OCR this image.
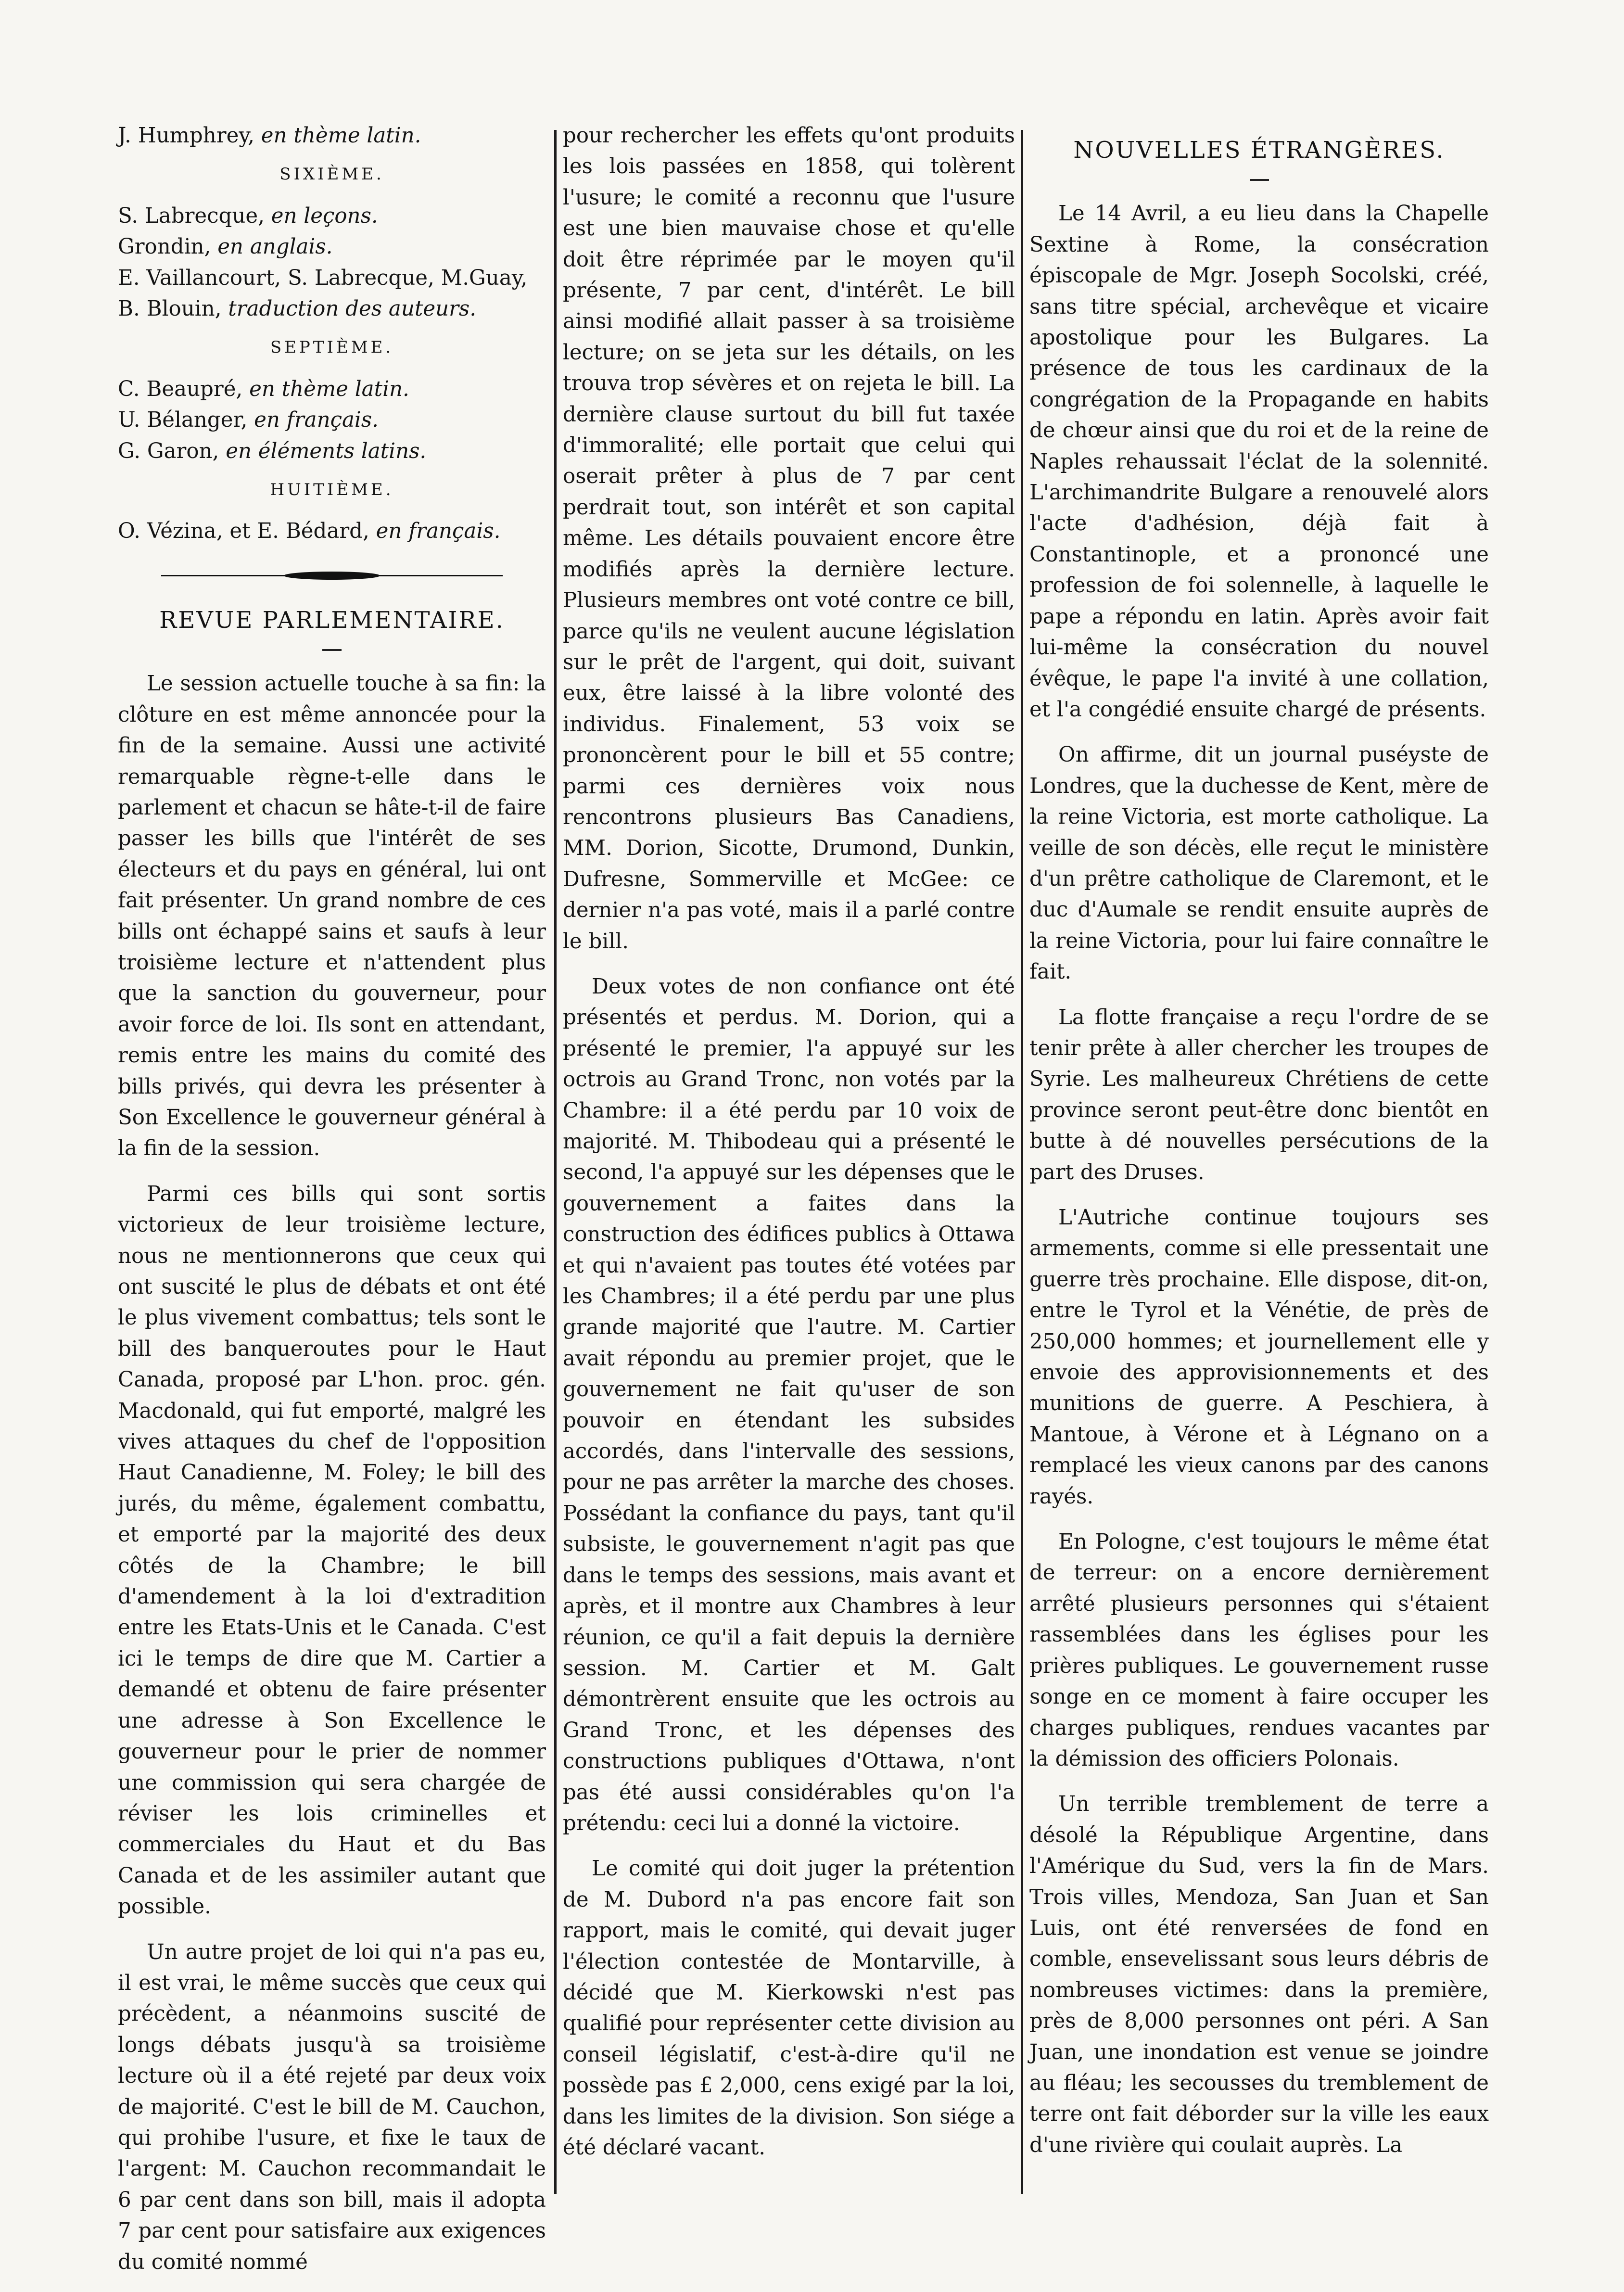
J. Humphrey, en thème latin.
SIXIÈME.
S. Labrecque, en leçons.
Grondin, en anglais.
E. Vaillancourt, S. Labrecque, M.Guay,
B. Blouin, traduction des auteurs.
SEPTIÈME.
C. Beaupré, en thème latin.
U. Bélanger, en français.
G. Garon, en éléments latins.
HUITIÈME.
O. Vézina, et E. Bédard, en français.
REVUE PARLEMENTAIRE.

Le session actuelle touche à sa fin: la clôture en est même annoncée pour la fin de la semaine. Aussi une activité remarquable règne-t-elle dans le parlement et chacun se hâte-t-il de faire passer les bills que l'intérêt de ses électeurs et du pays en général, lui ont fait présenter. Un grand nombre de ces bills ont échappé sains et saufs à leur troisième lecture et n'attendent plus que la sanction du gouverneur, pour avoir force de loi. Ils sont en attendant, remis entre les mains du comité des bills privés, qui devra les présenter à Son Excellence le gouverneur général à la fin de la session.

Parmi ces bills qui sont sortis victorieux de leur troisième lecture, nous ne mentionnerons que ceux qui ont suscité le plus de débats et ont été le plus vivement combattus; tels sont le bill des banqueroutes pour le Haut Canada, proposé par L'hon. proc. gén. Macdonald, qui fut emporté, malgré les vives attaques du chef de l'opposition Haut Canadienne, M. Foley; le bill des jurés, du même, également combattu, et emporté par la majorité des deux côtés de la Chambre; le bill d'amendement à la loi d'extradition entre les Etats-Unis et le Canada. C'est ici le temps de dire que M. Cartier a demandé et obtenu de faire présenter une adresse à Son Excellence le gouverneur pour le prier de nommer une commission qui sera chargée de réviser les lois criminelles et commerciales du Haut et du Bas Canada et de les assimiler autant que possible.

Un autre projet de loi qui n'a pas eu, il est vrai, le même succès que ceux qui précèdent, a néanmoins suscité de longs débats jusqu'à sa troisième lecture où il a été rejeté par deux voix de majorité. C'est le bill de M. Cauchon, qui prohibe l'usure, et fixe le taux de l'argent: M. Cauchon recommandait le 6 par cent dans son bill, mais il adopta 7 par cent pour satisfaire aux exigences du comité nommé

pour rechercher les effets qu'ont produits les lois passées en 1858, qui tolèrent l'usure; le comité a reconnu que l'usure est une bien mauvaise chose et qu'elle doit être réprimée par le moyen qu'il présente, 7 par cent, d'intérêt. Le bill ainsi modifié allait passer à sa troisième lecture; on se jeta sur les détails, on les trouva trop sévères et on rejeta le bill. La dernière clause surtout du bill fut taxée d'immoralité; elle portait que celui qui oserait prêter à plus de 7 par cent perdrait tout, son intérêt et son capital même. Les détails pouvaient encore être modifiés après la dernière lecture. Plusieurs membres ont voté contre ce bill, parce qu'ils ne veulent aucune législation sur le prêt de l'argent, qui doit, suivant eux, être laissé à la libre volonté des individus. Finalement, 53 voix se prononcèrent pour le bill et 55 contre; parmi ces dernières voix nous rencontrons plusieurs Bas Canadiens, MM. Dorion, Sicotte, Drumond, Dunkin, Dufresne, Sommerville et McGee: ce dernier n'a pas voté, mais il a parlé contre le bill.

Deux votes de non confiance ont été présentés et perdus. M. Dorion, qui a présenté le premier, l'a appuyé sur les octrois au Grand Tronc, non votés par la Chambre: il a été perdu par 10 voix de majorité. M. Thibodeau qui a présenté le second, l'a appuyé sur les dépenses que le gouvernement a faites dans la construction des édifices publics à Ottawa et qui n'avaient pas toutes été votées par les Chambres; il a été perdu par une plus grande majorité que l'autre. M. Cartier avait répondu au premier projet, que le gouvernement ne fait qu'user de son pouvoir en étendant les subsides accordés, dans l'intervalle des sessions, pour ne pas arrêter la marche des choses. Possédant la confiance du pays, tant qu'il subsiste, le gouvernement n'agit pas que dans le temps des sessions, mais avant et après, et il montre aux Chambres à leur réunion, ce qu'il a fait depuis la dernière session. M. Cartier et M. Galt démontrèrent ensuite que les octrois au Grand Tronc, et les dépenses des constructions publiques d'Ottawa, n'ont pas été aussi considérables qu'on l'a prétendu: ceci lui a donné la victoire.

Le comité qui doit juger la prétention de M. Dubord n'a pas encore fait son rapport, mais le comité, qui devait juger l'élection contestée de Montarville, à décidé que M. Kierkowski n'est pas qualifié pour représenter cette division au conseil législatif, c'est-à-dire qu'il ne possède pas £ 2,000, cens exigé par la loi, dans les limites de la division. Son siége a été déclaré vacant.

NOUVELLES ÉTRANGÈRES.

Le 14 Avril, a eu lieu dans la Chapelle Sextine à Rome, la consécration épiscopale de Mgr. Joseph Socolski, créé, sans titre spécial, archevêque et vicaire apostolique pour les Bulgares. La présence de tous les cardinaux de la congrégation de la Propagande en habits de chœur ainsi que du roi et de la reine de Naples rehaussait l'éclat de la solennité. L'archimandrite Bulgare a renouvelé alors l'acte d'adhésion, déjà fait à Constantinople, et a prononcé une profession de foi solennelle, à laquelle le pape a répondu en latin. Après avoir fait lui-même la consécration du nouvel évêque, le pape l'a invité à une collation, et l'a congédié ensuite chargé de présents.

On affirme, dit un journal puséyste de Londres, que la duchesse de Kent, mère de la reine Victoria, est morte catholique. La veille de son décès, elle reçut le ministère d'un prêtre catholique de Claremont, et le duc d'Aumale se rendit ensuite auprès de la reine Victoria, pour lui faire connaître le fait.

La flotte française a reçu l'ordre de se tenir prête à aller chercher les troupes de Syrie. Les malheureux Chrétiens de cette province seront peut-être donc bientôt en butte à dé nouvelles persécutions de la part des Druses.

L'Autriche continue toujours ses armements, comme si elle pressentait une guerre très prochaine. Elle dispose, dit-on, entre le Tyrol et la Vénétie, de près de 250,000 hommes; et journellement elle y envoie des approvisionnements et des munitions de guerre. A Peschiera, à Mantoue, à Vérone et à Légnano on a remplacé les vieux canons par des canons rayés.

En Pologne, c'est toujours le même état de terreur: on a encore dernièrement arrêté plusieurs personnes qui s'étaient rassemblées dans les églises pour les prières publiques. Le gouvernement russe songe en ce moment à faire occuper les charges publiques, rendues vacantes par la démission des officiers Polonais.

Un terrible tremblement de terre a désolé la République Argentine, dans l'Amérique du Sud, vers la fin de Mars. Trois villes, Mendoza, San Juan et San Luis, ont été renversées de fond en comble, ensevelissant sous leurs débris de nombreuses victimes: dans la première, près de 8,000 personnes ont péri. A San Juan, une inondation est venue se joindre au fléau; les secousses du tremblement de terre ont fait déborder sur la ville les eaux d'une rivière qui coulait auprès. La
